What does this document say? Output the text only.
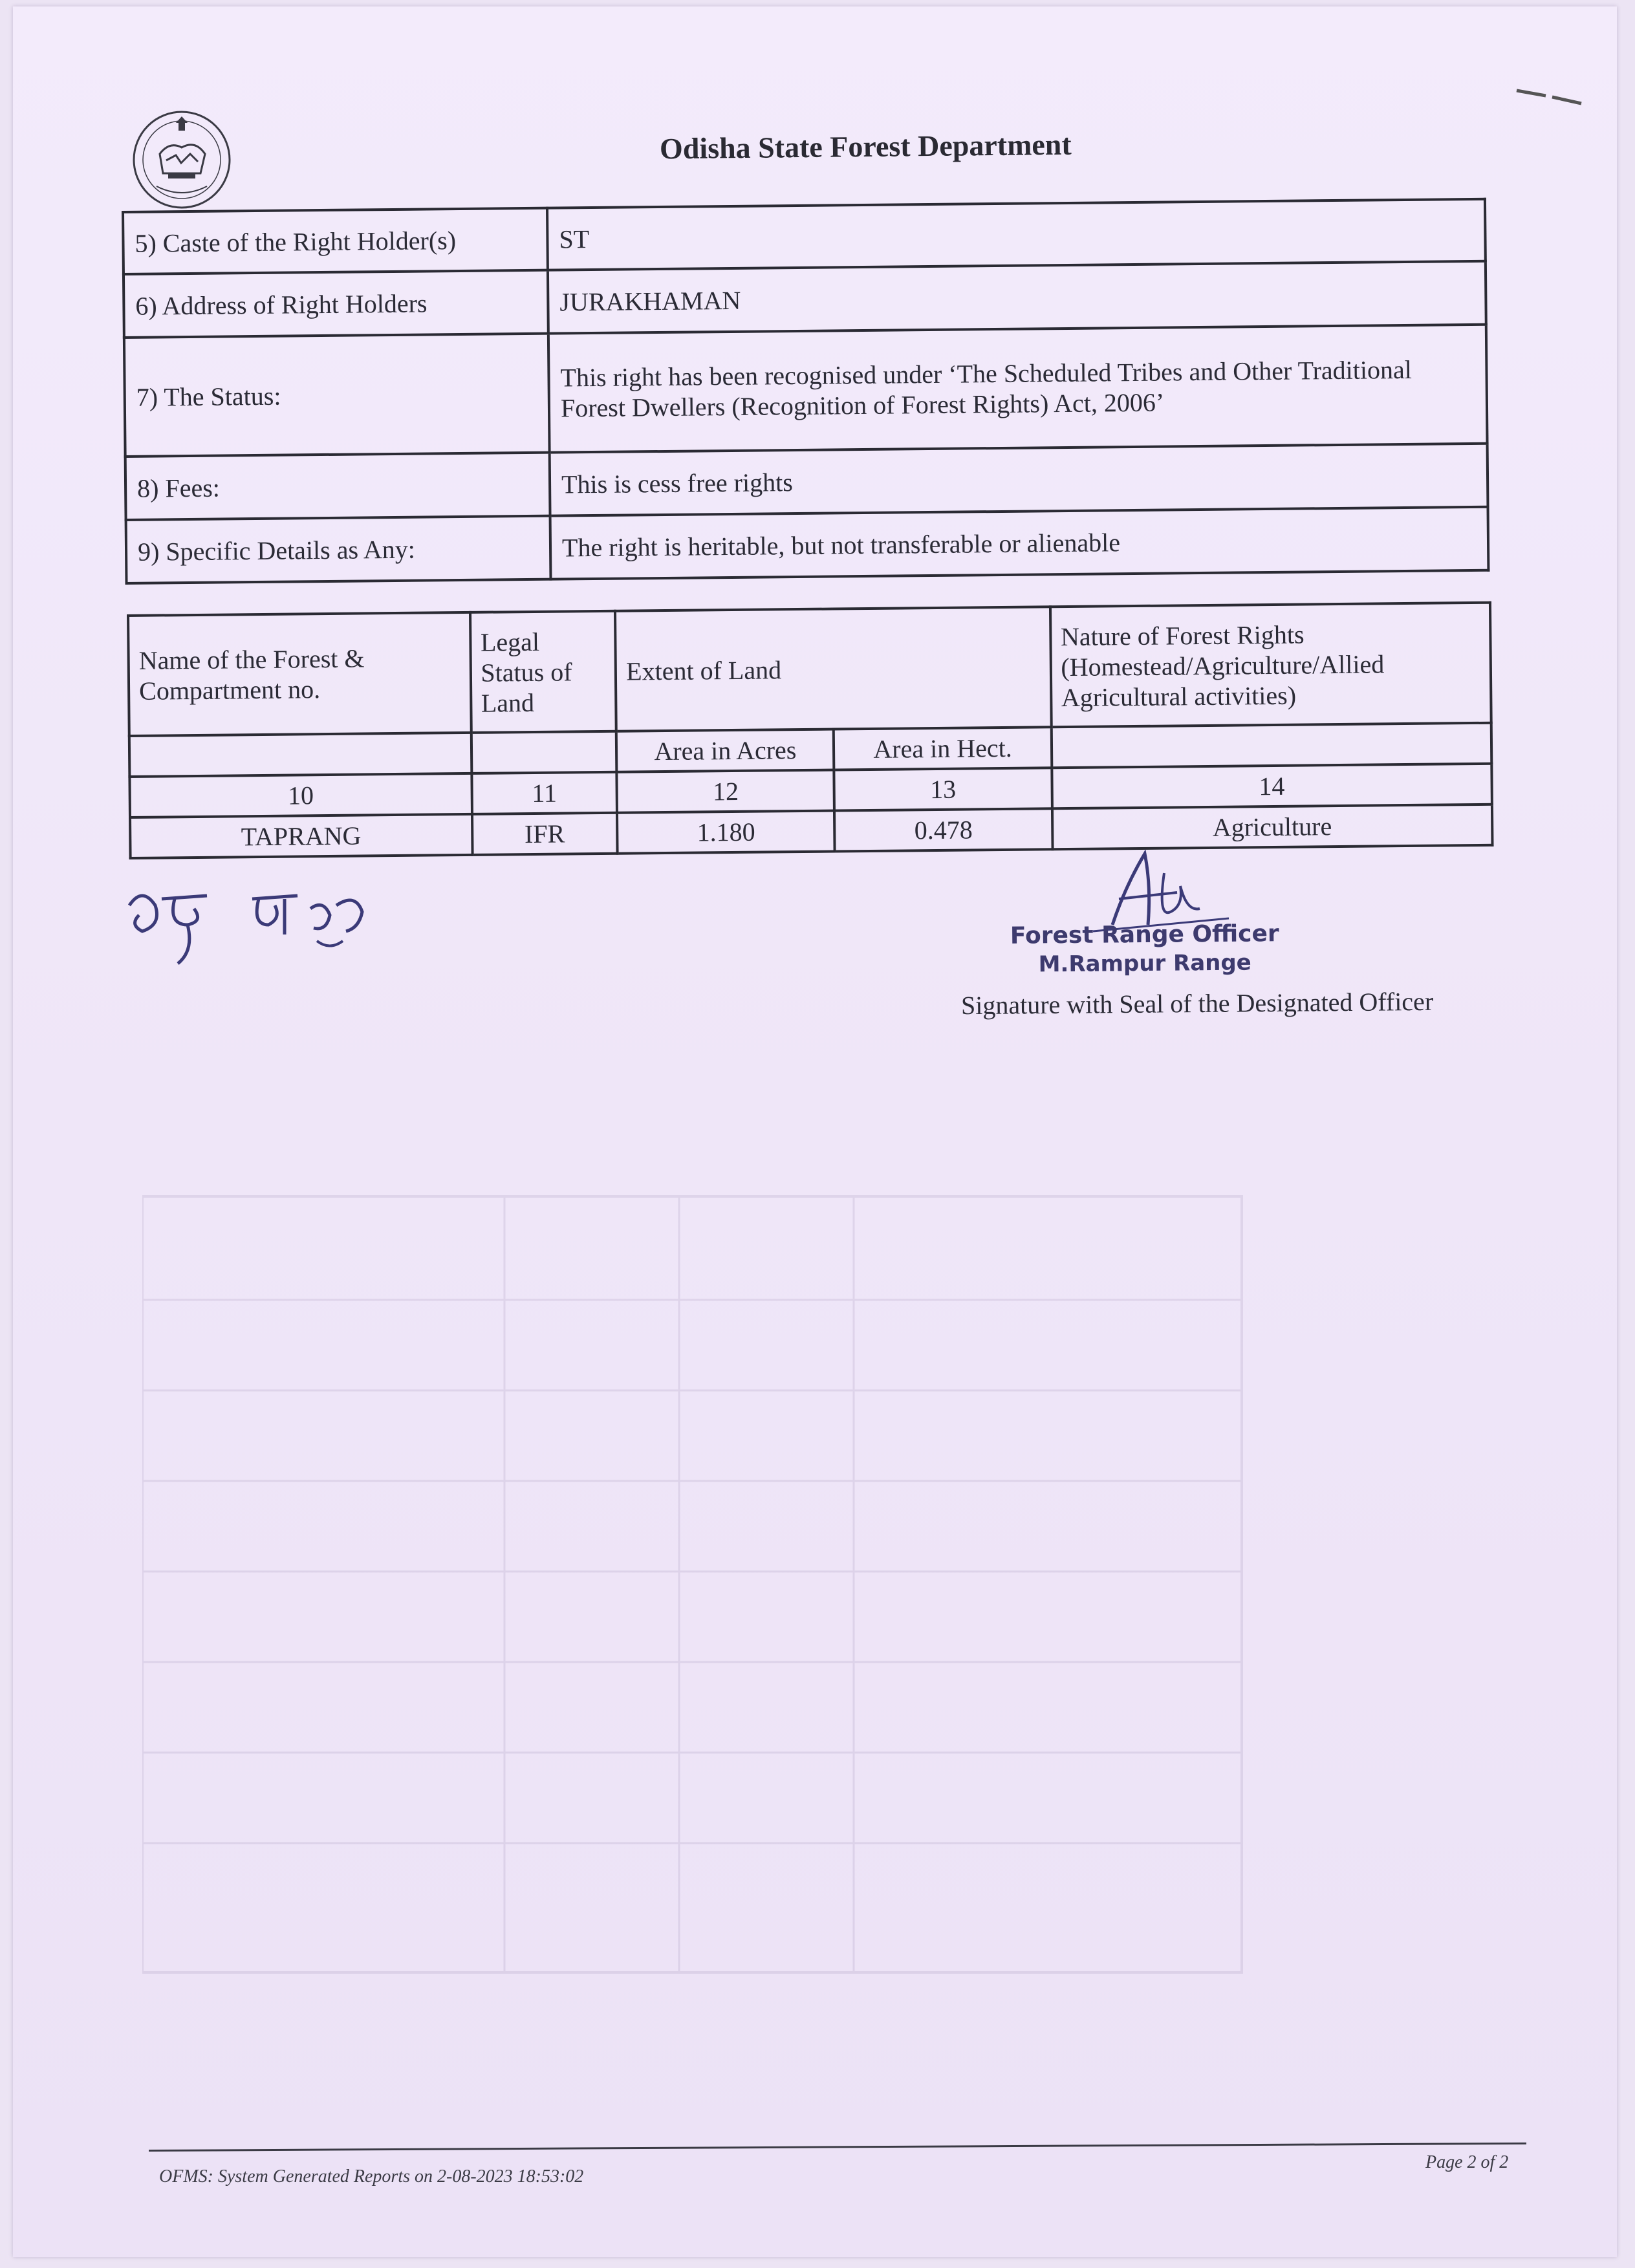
Odisha State Forest Department
5) Caste of the Right Holder(s)	ST
6) Address of Right Holders	JURAKHAMAN
7) The Status:	This right has been recognised under ‘The Scheduled Tribes and Other Traditional
Forest Dwellers (Recognition of Forest Rights) Act, 2006’

8) Fees:	This is cess free rights
9) Specific Details as Any:	The right is heritable, but not transferable or alienable
Name of the Forest & Compartment no.	Legal Status of Land	Extent of Land		Nature of Forest Rights (Homestead/Agriculture/Allied Agricultural activities)
		Area in Acres	Area in Hect.	
10	11	12	13	14
TAPRANG	IFR	1.180	0.478	Agriculture
Forest Range Officer
M.Rampur Range
Signature with Seal of the Designated Officer
OFMS: System Generated Reports on 2-08-2023 18:53:02
Page 2 of 2
